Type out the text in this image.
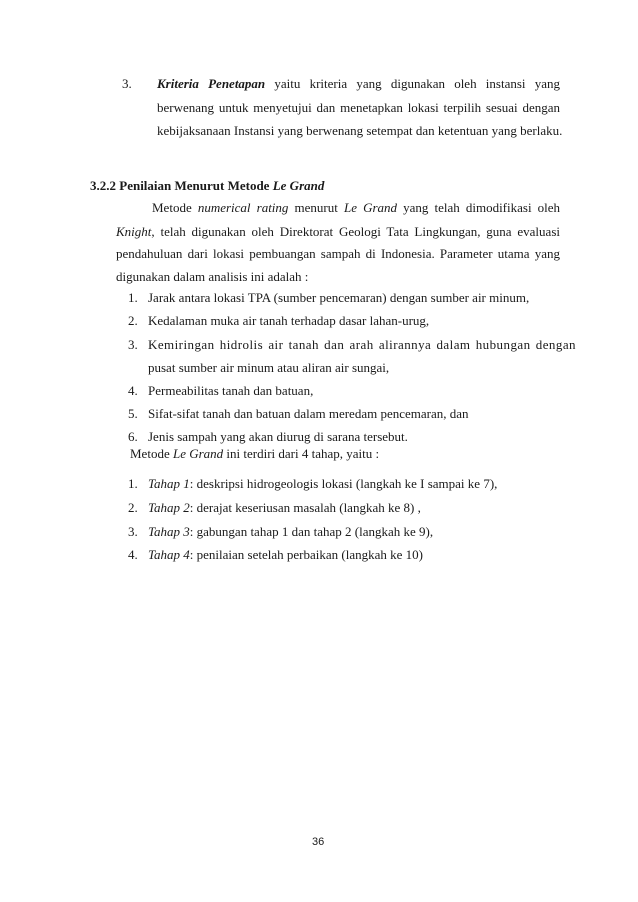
3. Kriteria Penetapan yaitu kriteria yang digunakan oleh instansi yang
berwenang untuk menyetujui dan menetapkan lokasi terpilih sesuai dengan
kebijaksanaan Instansi yang berwenang setempat dan ketentuan yang berlaku.
3.2.2 Penilaian Menurut Metode Le Grand
Metode numerical rating menurut Le Grand yang telah dimodifikasi oleh
Knight, telah digunakan oleh Direktorat Geologi Tata Lingkungan, guna evaluasi
pendahuluan dari lokasi pembuangan sampah di Indonesia. Parameter utama yang
digunakan dalam analisis ini adalah :
1. Jarak antara lokasi TPA (sumber pencemaran) dengan sumber air minum,
2. Kedalaman muka air tanah terhadap dasar lahan-urug,
3. Kemiringan hidrolis air tanah dan arah alirannya dalam hubungan dengan
pusat sumber air minum atau aliran air sungai,
4. Permeabilitas tanah dan batuan,
5. Sifat-sifat tanah dan batuan dalam meredam pencemaran, dan
6. Jenis sampah yang akan diurug di sarana tersebut.
Metode Le Grand ini terdiri dari 4 tahap, yaitu :
1. Tahap 1: deskripsi hidrogeologis lokasi (langkah ke I sampai ke 7),
2. Tahap 2: derajat keseriusan masalah (langkah ke 8) ,
3. Tahap 3: gabungan tahap 1 dan tahap 2 (langkah ke 9),
4. Tahap 4: penilaian setelah perbaikan (langkah ke 10)
36
